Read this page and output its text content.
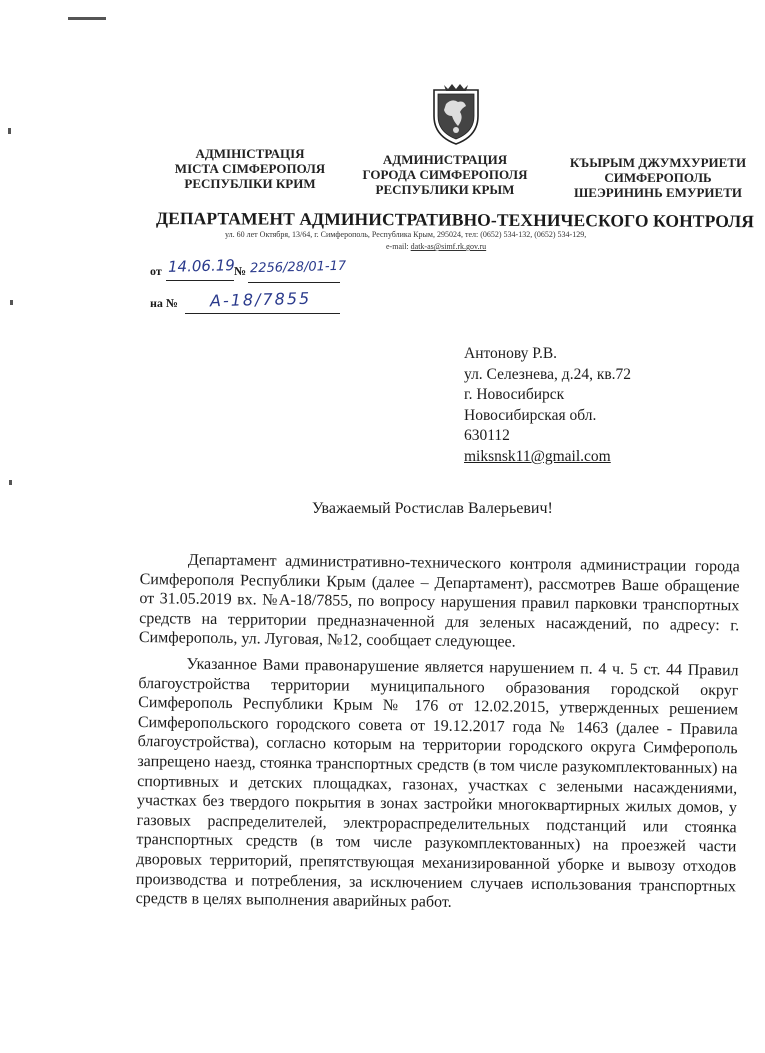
АДМІНІСТРАЦІЯ
МІСТА СІМФЕРОПОЛЯ
РЕСПУБЛІКИ КРИМ
АДМИНИСТРАЦИЯ
ГОРОДА СИМФЕРОПОЛЯ
РЕСПУБЛИКИ КРЫМ
КЪЫРЫМ ДЖУМХУРИЕТИ
СИМФЕРОПОЛЬ
ШЕЭРИНИНЬ ЕМУРИЕТИ
ДЕПАРТАМЕНТ АДМИНИСТРАТИВНО-ТЕХНИЧЕСКОГО КОНТРОЛЯ
ул. 60 лет Октября, 13/64, г. Симферополь, Республика Крым, 295024, тел: (0652) 534-132, (0652) 534-129,
e-mail: datk-as@simf.rk.gov.ru
от 14.06.19
№ 2256/28/01-17
на № А-18/7855
Антонову Р.В.
ул. Селезнева, д.24, кв.72
г. Новосибирск
Новосибирская обл.
630112
miksnsk11@gmail.com
Уважаемый Ростислав Валерьевич!

Департамент административно-технического контроля администрации города Симферополя Республики Крым (далее – Департамент), рассмотрев Ваше обращение от 31.05.2019 вх. №А-18/7855, по вопросу нарушения правил парковки транспортных средств на территории предназначенной для зеленых насаждений, по адресу: г. Симферополь, ул. Луговая, №12, сообщает следующее.

Указанное Вами правонарушение является нарушением п. 4 ч. 5 ст. 44 Правил благоустройства территории муниципального образования городской округ Симферополь Республики Крым № 176 от 12.02.2015, утвержденных решением Симферопольского городского совета от 19.12.2017 года № 1463 (далее - Правила благоустройства), согласно которым на территории городского округа Симферополь запрещено наезд, стоянка транспортных средств (в том числе разукомплектованных) на спортивных и детских площадках, газонах, участках с зелеными насаждениями, участках без твердого покрытия в зонах застройки многоквартирных жилых домов, у газовых распределителей, электрораспределительных подстанций или стоянка транспортных средств (в том числе разукомплектованных) на проезжей части дворовых территорий, препятствующая механизированной уборке и вывозу отходов производства и потребления, за исключением случаев использования транспортных средств в целях выполнения аварийных работ.
